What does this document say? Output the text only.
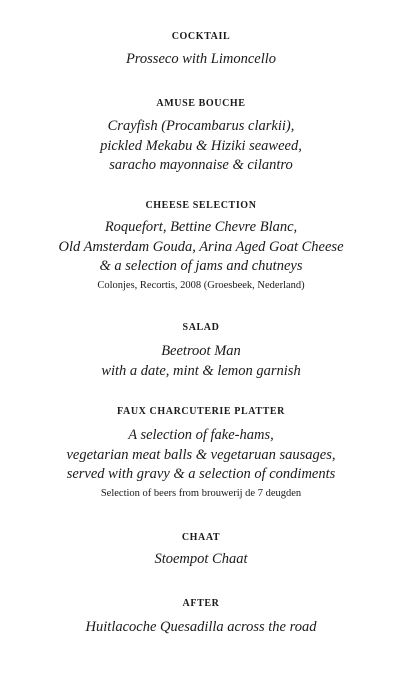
COCKTAIL
Prosseco with Limoncello
AMUSE BOUCHE
Crayfish (Procambarus clarkii),
pickled Mekabu & Hiziki seaweed,
saracho mayonnaise & cilantro
CHEESE SELECTION
Roquefort, Bettine Chevre Blanc,
Old Amsterdam Gouda, Arina Aged Goat Cheese
& a selection of jams and chutneys
Colonjes, Recortis, 2008 (Groesbeek, Nederland)
SALAD
Beetroot Man
with a date, mint & lemon garnish
FAUX CHARCUTERIE PLATTER
A selection of fake-hams,
vegetarian meat balls & vegetaruan sausages,
served with gravy & a selection of condiments
Selection of beers from brouwerij de 7 deugden
CHAAT
Stoempot Chaat
AFTER
Huitlacoche Quesadilla across the road
